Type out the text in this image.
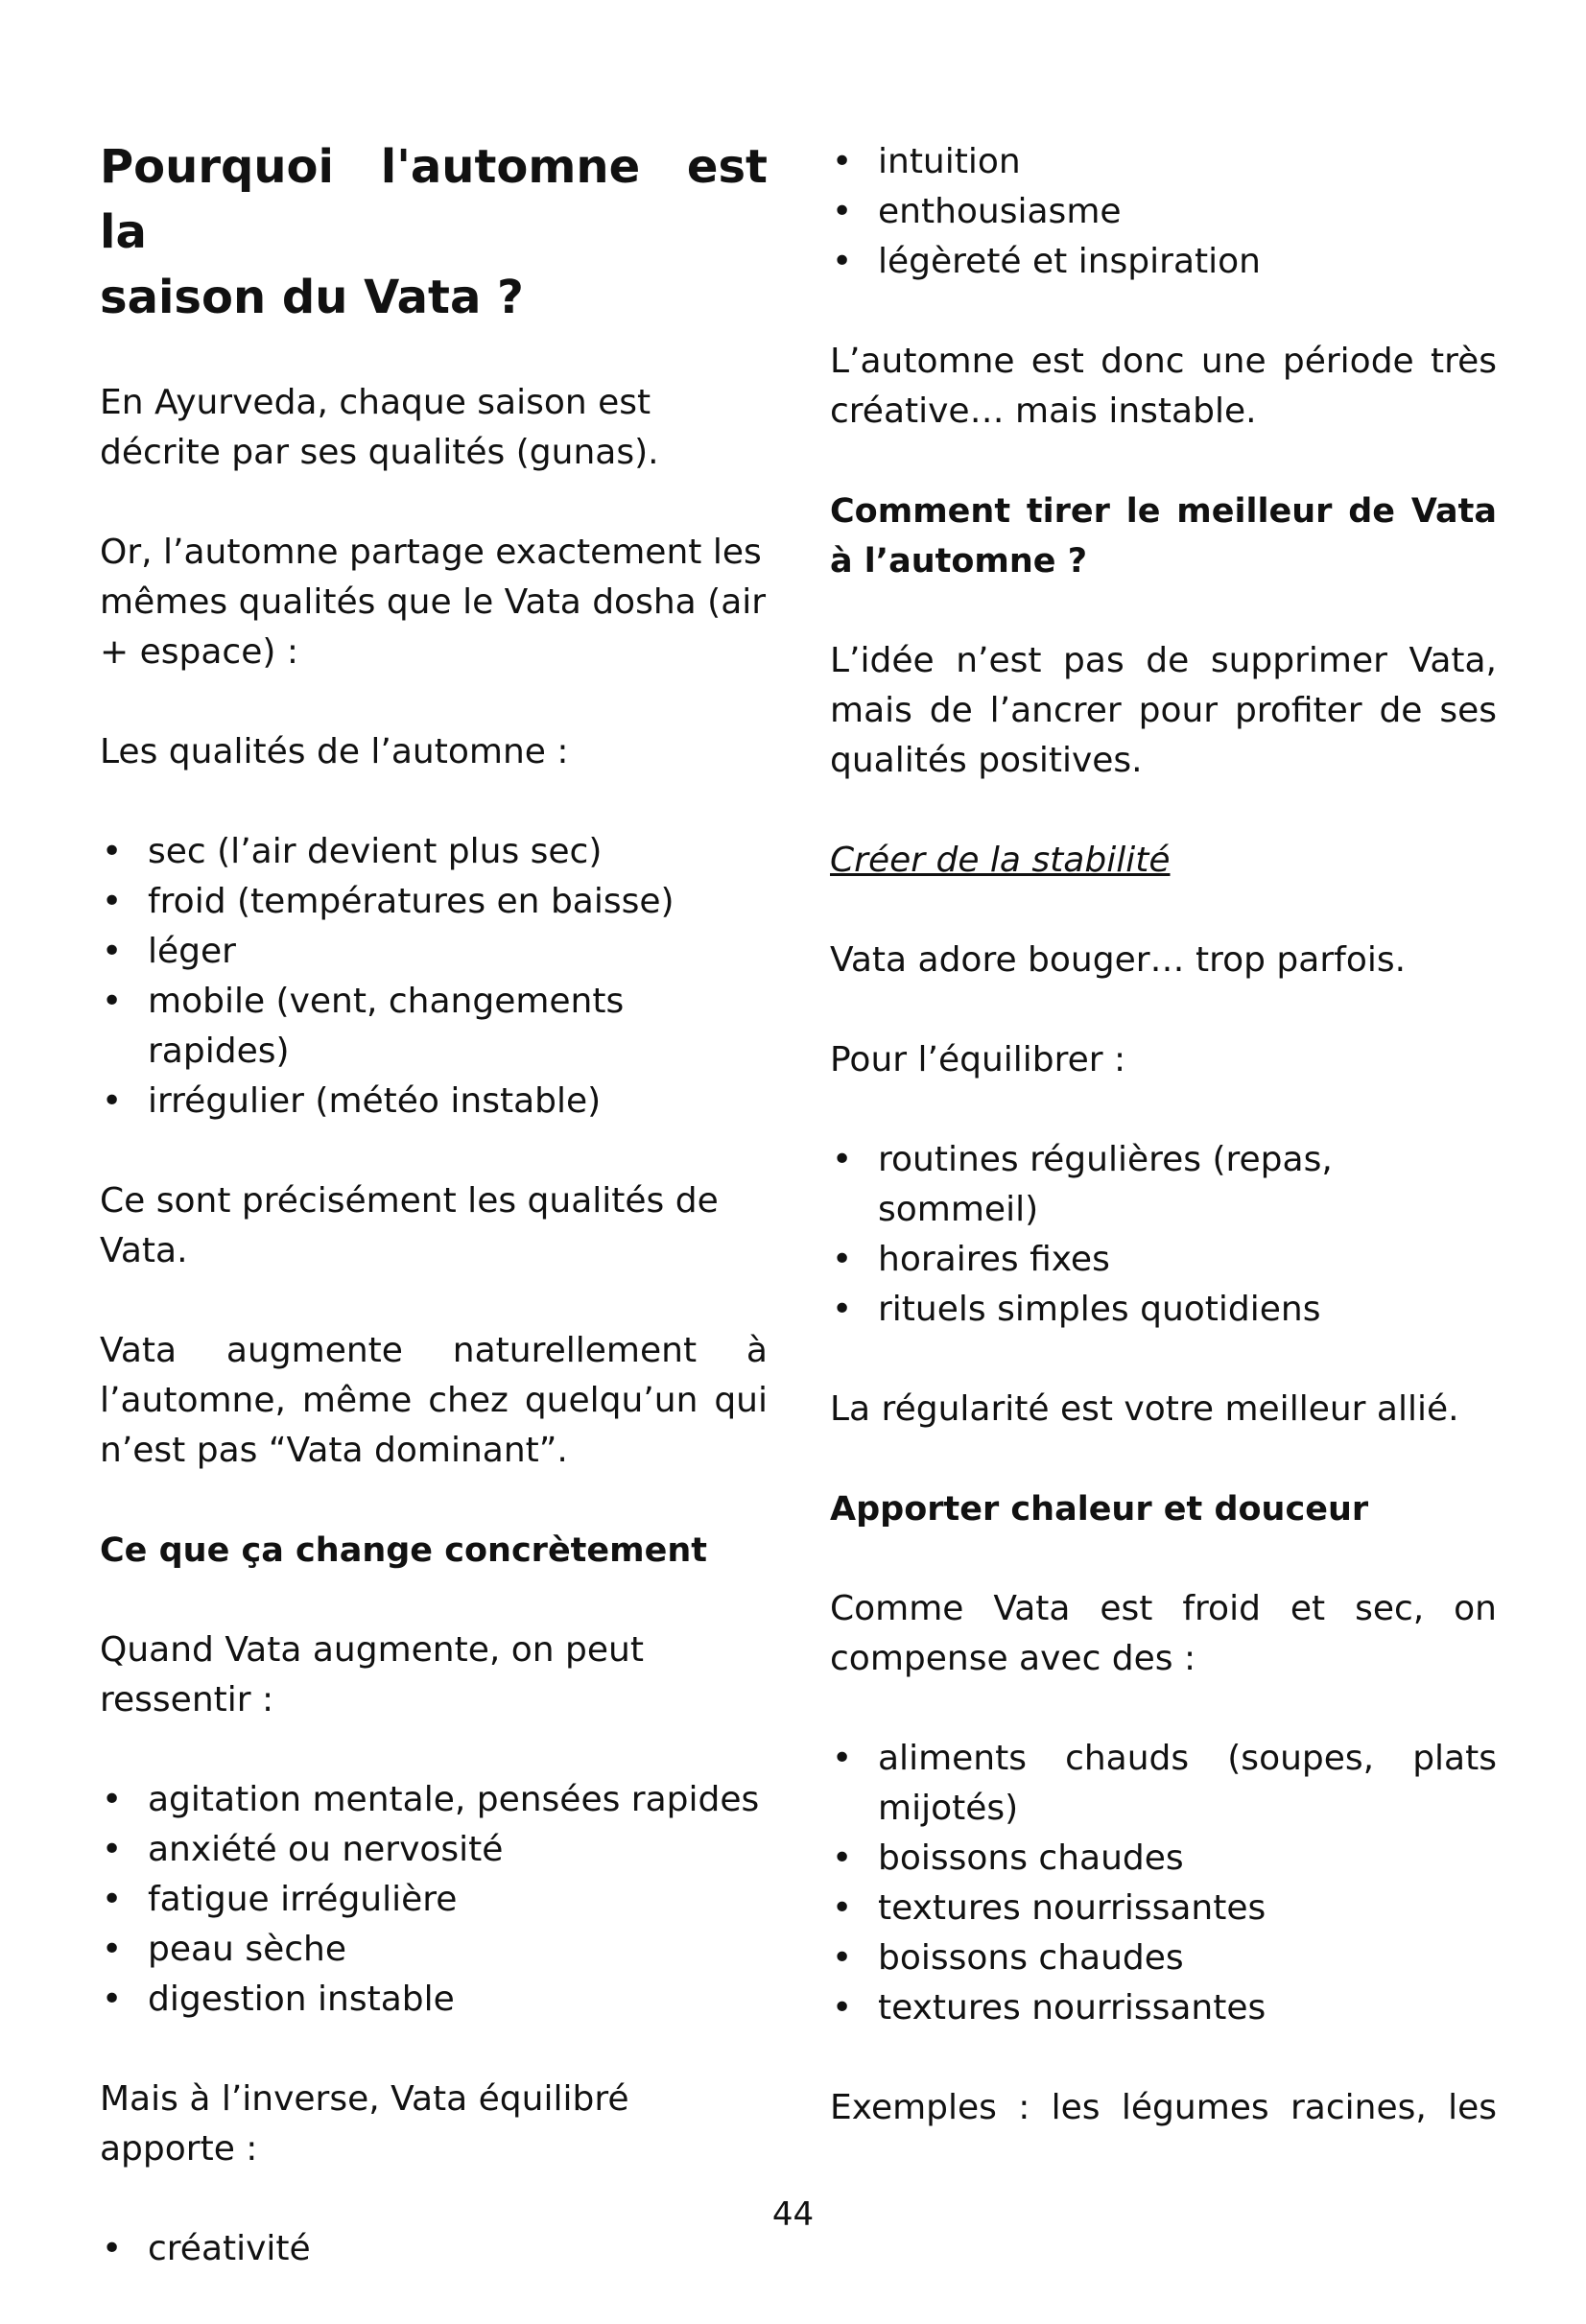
Pourquoi l'automne est la
saison du Vata ?

En Ayurveda, chaque saison est décrite par ses qualités (gunas).

Or, l’automne partage exactement les mêmes qualités que le Vata dosha (air + espace) :

Les qualités de l’automne :

• sec (l’air devient plus sec)
• froid (températures en baisse)
• léger
• mobile (vent, changements rapides)
• irrégulier (météo instable)

Ce sont précisément les qualités de Vata.

Vata augmente naturellement à l’automne, même chez quelqu’un qui n’est pas “Vata dominant”.

Ce que ça change concrètement

Quand Vata augmente, on peut ressentir :

• agitation mentale, pensées rapides
• anxiété ou nervosité
• fatigue irrégulière
• peau sèche
• digestion instable

Mais à l’inverse, Vata équilibré apporte :

• créativité
• intuition
• enthousiasme
• légèreté et inspiration

L’automne est donc une période très créative… mais instable.

Comment tirer le meilleur de Vata à l’automne ?

L’idée n’est pas de supprimer Vata, mais de l’ancrer pour profiter de ses qualités positives.

Créer de la stabilité

Vata adore bouger… trop parfois.

Pour l’équilibrer :

• routines régulières (repas, sommeil)
• horaires fixes
• rituels simples quotidiens

La régularité est votre meilleur allié.

Apporter chaleur et douceur

Comme Vata est froid et sec, on compense avec des :

• aliments chauds (soupes, plats mijotés)
• boissons chaudes
• textures nourrissantes
• boissons chaudes
• textures nourrissantes

Exemples : les légumes racines, les

44
